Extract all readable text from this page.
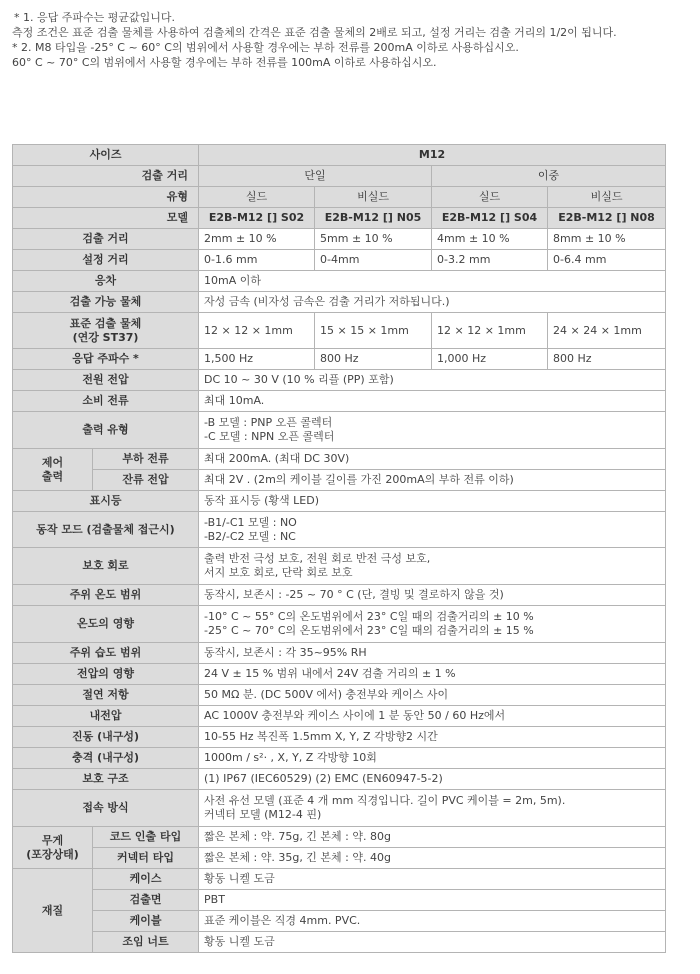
* 1. 응답 주파수는 평균값입니다.
측정 조건은 표준 검출 물체를 사용하여 검출체의 간격은 표준 검출 물체의 2배로 되고, 설정 거리는 검출 거리의 1/2이 됩니다.
* 2. M8 타입을 -25° C ~ 60° C의 범위에서 사용할 경우에는 부하 전류를 200mA 이하로 사용하십시오.
60° C ~ 70° C의 범위에서 사용할 경우에는 부하 전류를 100mA 이하로 사용하십시오.
사이즈		M12			
검출 거리		단일		이중	
유형		실드	비실드	실드	비실드
모델		E2B-M12 [] S02	E2B-M12 [] N05	E2B-M12 [] S04	E2B-M12 [] N08
검출 거리		2mm ± 10 %	5mm ± 10 %	4mm ± 10 %	8mm ± 10 %
설정 거리		0-1.6 mm	0-4mm	0-3.2 mm	0-6.4 mm
응차		10mA 이하			
검출 가능 물체		자성 금속 (비자성 금속은 검출 거리가 저하됩니다.)			

표준 검출 물체
(연강 ST37)		12 × 12 × 1mm	15 × 15 × 1mm	12 × 12 × 1mm	24 × 24 × 1mm
응답 주파수 *		1,500 Hz	800 Hz	1,000 Hz	800 Hz
전원 전압		DC 10 ~ 30 V (10 % 리플 (PP) 포함)			
소비 전류		최대 10mA.			
출력 유형		-B 모델 : PNP 오픈 콜렉터
-C 모델 : NPN 오픈 콜렉터			

제어
출력	부하 전류	최대 200mA. (최대 DC 30V)			
	잔류 전압	최대 2V . (2m의 케이블 길이를 가진 200mA의 부하 전류 이하)			
표시등		동작 표시등 (황색 LED)			
동작 모드 (검출물체 접근시)		-B1/-C1 모델 : NO
-B2/-C2 모델 : NC			

보호 회로		출력 반전 극성 보호, 전원 회로 반전 극성 보호,
서지 보호 회로, 단락 회로 보호			

주위 온도 범위		동작시, 보존시 : -25 ~ 70 ° C (단, 결빙 및 결로하지 않을 것)			
온도의 영향		-10° C ~ 55° C의 온도범위에서 23° C일 때의 검출거리의 ± 10 %
-25° C ~ 70° C의 온도범위에서 23° C일 때의 검출거리의 ± 15 %			

주위 습도 범위		동작시, 보존시 : 각 35~95% RH			
전압의 영향		24 V ± 15 % 범위 내에서 24V 검출 거리의 ± 1 %			
절연 저항		50 MΩ 분. (DC 500V 에서) 충전부와 케이스 사이			
내전압		AC 1000V 충전부와 케이스 사이에 1 분 동안 50 / 60 Hz에서			
진동 (내구성)		10-55 Hz 복진폭 1.5mm X, Y, Z 각방향2 시간			
충격 (내구성)		1000m / s²· , X, Y, Z 각방향 10회			
보호 구조		(1) IP67 (IEC60529) (2) EMC (EN60947-5-2)			
접속 방식		사전 유선 모델 (표준 4 개 mm 직경입니다. 길이 PVC 케이블 = 2m, 5m).
커넥터 모델 (M12-4 핀)			

무게
(포장상태)	코드 인출 타입	짧은 본체 : 약. 75g, 긴 본체 : 약. 80g			
	커넥터 타입	짧은 본체 : 약. 35g, 긴 본체 : 약. 40g			
재질	케이스	황동 니켈 도금			
	검출면	PBT			
	케이블	표준 케이블은 직경 4mm. PVC.			
	조임 너트	황동 니켈 도금			
